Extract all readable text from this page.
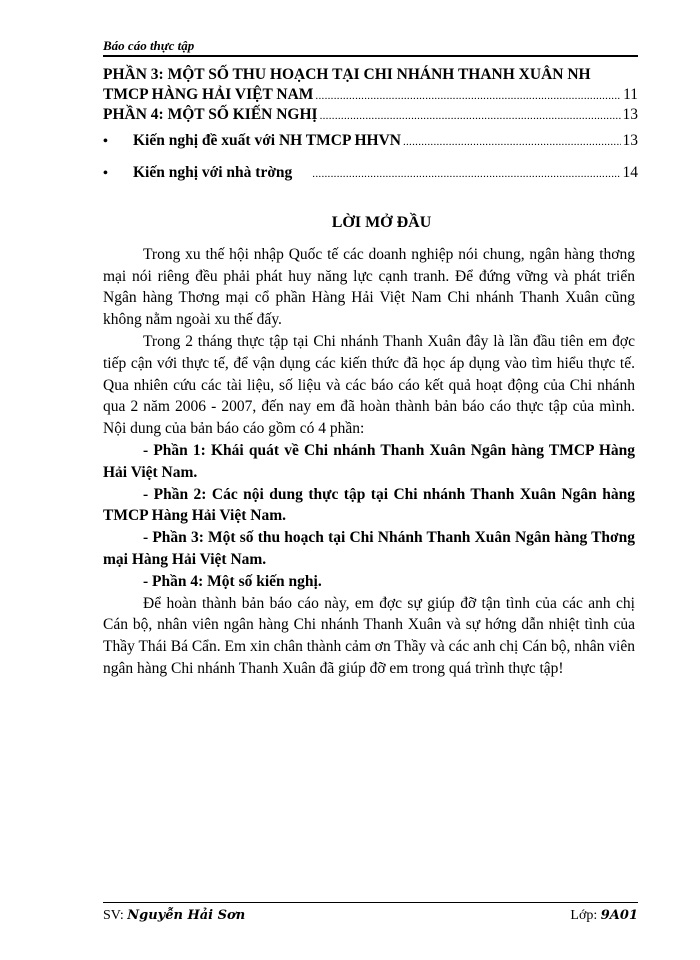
Báo cáo thực tập
PHẦN 3: MỘT SỐ THU HOẠCH TẠI CHI NHÁNH THANH XUÂN NH
TMCP HÀNG HẢI VIỆT NAM .....	11
PHẦN 4: MỘT SỐ KIẾN NGHỊ .....	13
•	Kiến nghị đề xuất với NH TMCP HHVN .....	13
•	Kiến nghị với nhà trờng .....	14
LỜI MỞ ĐẦU

Trong xu thế hội nhập Quốc tế các doanh nghiệp nói chung, ngân hàng thơng mại nói riêng đều phải phát huy năng lực cạnh tranh. Để đứng vững và phát triển Ngân hàng Thơng mại cổ phần Hàng Hải Việt Nam Chi nhánh Thanh Xuân cũng không nằm ngoài xu thế đấy.

Trong 2 tháng thực tập tại Chi nhánh Thanh Xuân đây là lần đầu tiên em đợc tiếp cận với thực tế, để vận dụng các kiến thức đã học áp dụng vào tìm hiểu thực tế. Qua nhiên cứu các tài liệu, số liệu và các báo cáo kết quả hoạt động của Chi nhánh qua 2 năm 2006 - 2007, đến nay em đã hoàn thành bản báo cáo thực tập của mình. Nội dung của bản báo cáo gồm có 4 phần:

- Phần 1: Khái quát về Chi nhánh Thanh Xuân Ngân hàng TMCP Hàng Hải Việt Nam.

- Phần 2: Các nội dung thực tập tại Chi nhánh Thanh Xuân Ngân hàng TMCP Hàng Hải Việt Nam.

- Phần 3: Một số thu hoạch tại Chi Nhánh Thanh Xuân Ngân hàng Thơng mại Hàng Hải Việt Nam.

- Phần 4: Một số kiến nghị.

Để hoàn thành bản báo cáo này, em đợc sự giúp đỡ tận tình của các anh chị Cán bộ, nhân viên ngân hàng Chi nhánh Thanh Xuân và sự hớng dẫn nhiệt tình của Thầy Thái Bá Cẩn. Em xin chân thành cảm ơn Thầy và các anh chị Cán bộ, nhân viên ngân hàng Chi nhánh Thanh Xuân đã giúp đỡ em trong quá trình thực tập!

SV: Nguyễn Hải Sơn	Lớp: 9A01
